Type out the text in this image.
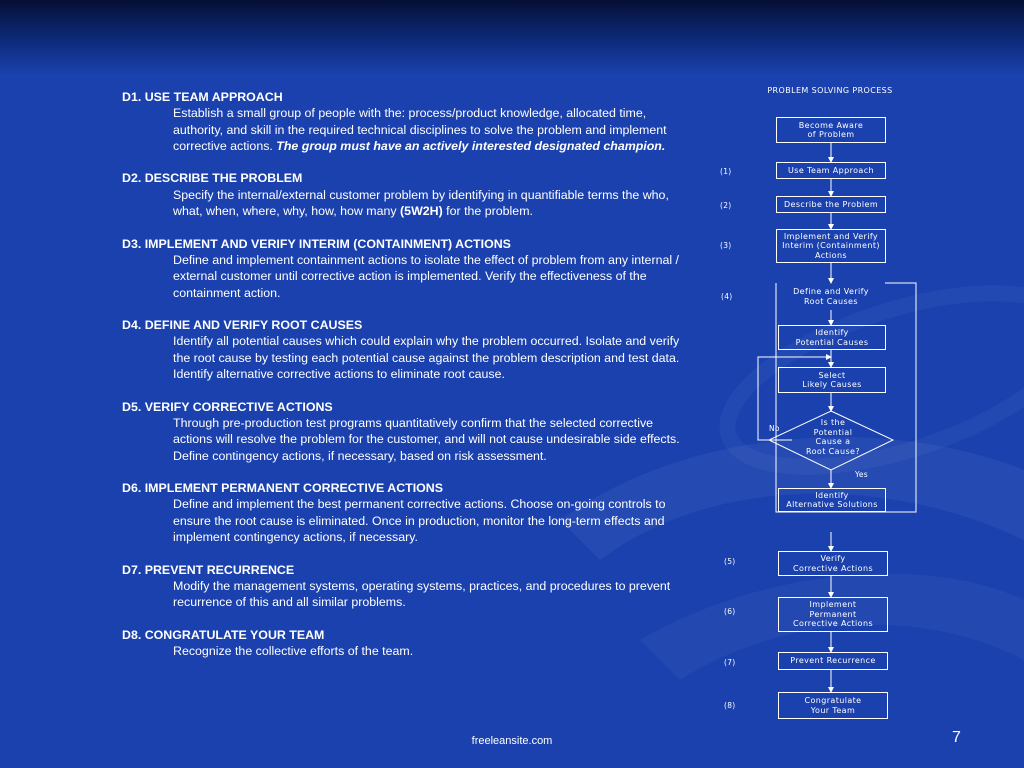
D1. USE TEAM APPROACH
Establish a small group of people with the: process/product knowledge, allocated time, authority, and skill in the required technical disciplines to solve the problem and implement corrective actions. The group must have an actively interested designated champion.
D2. DESCRIBE THE PROBLEM
Specify the internal/external customer problem by identifying in quantifiable terms the who, what, when, where, why, how, how many (5W2H) for the problem.
D3. IMPLEMENT AND VERIFY INTERIM (CONTAINMENT) ACTIONS
Define and implement containment actions to isolate the effect of problem from any internal / external customer until corrective action is implemented. Verify the effectiveness of the containment action.
D4. DEFINE AND VERIFY ROOT CAUSES
Identify all potential causes which could explain why the problem occurred. Isolate and verify the root cause by testing each potential cause against the problem description and test data. Identify alternative corrective actions to eliminate root cause.
D5. VERIFY CORRECTIVE ACTIONS
Through pre-production test programs quantitatively confirm that the selected corrective actions will resolve the problem for the customer, and will not cause undesirable side effects. Define contingency actions, if necessary, based on risk assessment.
D6. IMPLEMENT PERMANENT CORRECTIVE ACTIONS
Define and implement the best permanent corrective actions. Choose on-going controls to ensure the root cause is eliminated. Once in production, monitor the long-term effects and implement contingency actions, if necessary.
D7. PREVENT RECURRENCE
Modify the management systems, operating systems, practices, and procedures to prevent recurrence of this and all similar problems.
D8. CONGRATULATE YOUR TEAM
Recognize the collective efforts of the team.
PROBLEM SOLVING PROCESS
Become Aware
of Problem
Use Team Approach
Describe the Problem
Implement and Verify
Interim (Containment)
Actions
Define and Verify
Root Causes
Identify
Potential Causes
Select
Likely Causes
Is the
Potential
Cause a
Root Cause?
Identify
Alternative Solutions
Verify
Corrective Actions
Implement
Permanent
Corrective Actions
Prevent Recurrence
Congratulate
Your Team
No
Yes
(1)
(2)
(3)
(4)
(5)
(6)
(7)
(8)
freeleansite.com	7
